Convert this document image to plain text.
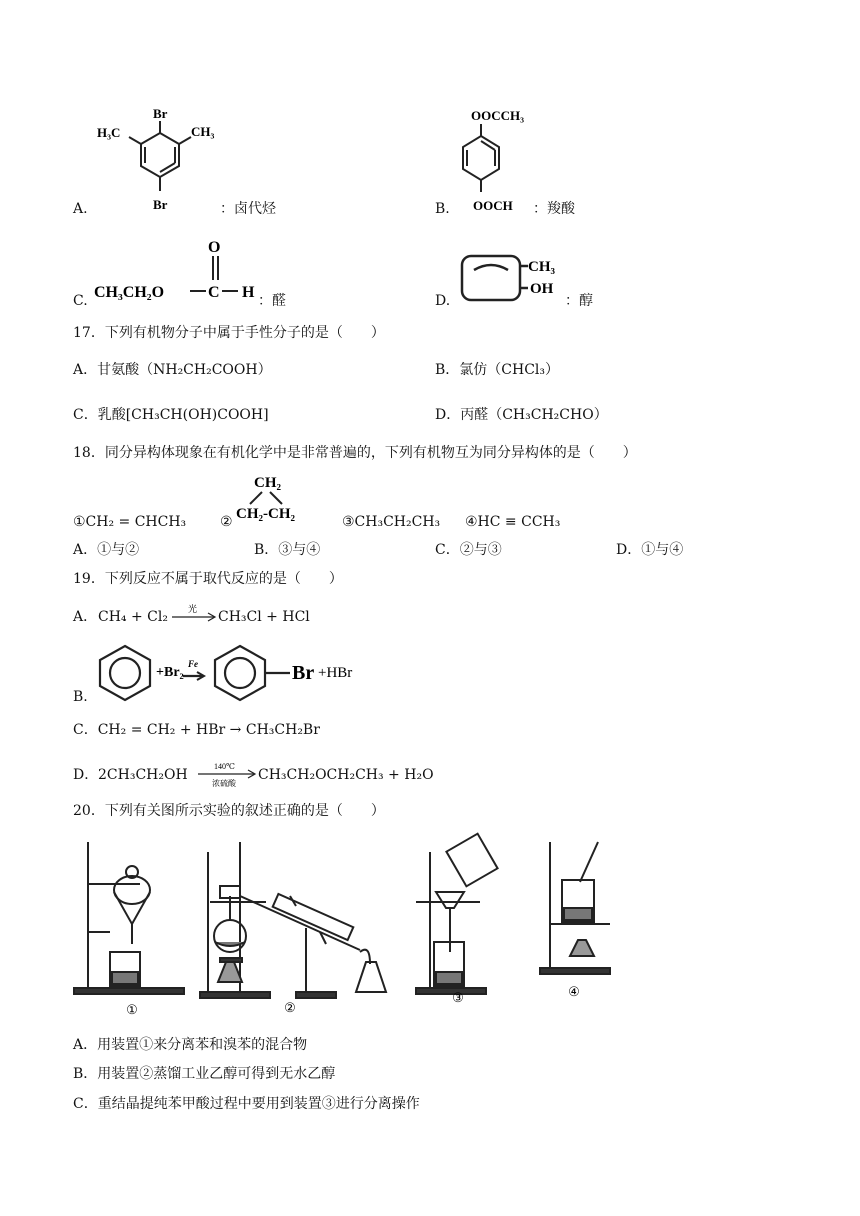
Br
H₃C	CH₃
Br
A.	：卤代烃
OOCCH₃
OOCH
B.	：羧酸
O
CH₃CH₂O	C H
C.	：醛
CH₃
OH
D.	：醇
17．下列有机物分子中属于手性分子的是（　　）
A．甘氨酸（NH₂CH₂COOH）	B．氯仿（CHCl₃）
C．乳酸[CH₃CH(OH)COOH]	D．丙醛（CH₃CH₂CHO）
18．同分异构体现象在有机化学中是非常普遍的，下列有机物互为同分异构体的是（　　）
①CH₂ = CHCH₃ ②
CH₂
CH₂-CH₂	③CH₃CH₂CH₃ ④HC ≡ CCH₃
A．①与②	B．③与④	C．②与③	D．①与④
19．下列反应不属于取代反应的是（　　）
A． CH₄ + Cl₂ 光 CH₃Cl + HCl
B.
+Br₂
Fe	Br +HBr
C．CH₂ = CH₂ + HBr → CH₃CH₂Br
D． 2CH₃CH₂OH
140℃
浓硫酸
CH₃CH₂OCH₂CH₃ + H₂O
20．下列有关图所示实验的叙述正确的是（　　）
①	②
③	④
A．用装置①来分离苯和溴苯的混合物
B．用装置②蒸馏工业乙醇可得到无水乙醇
C．重结晶提纯苯甲酸过程中要用到装置③进行分离操作
